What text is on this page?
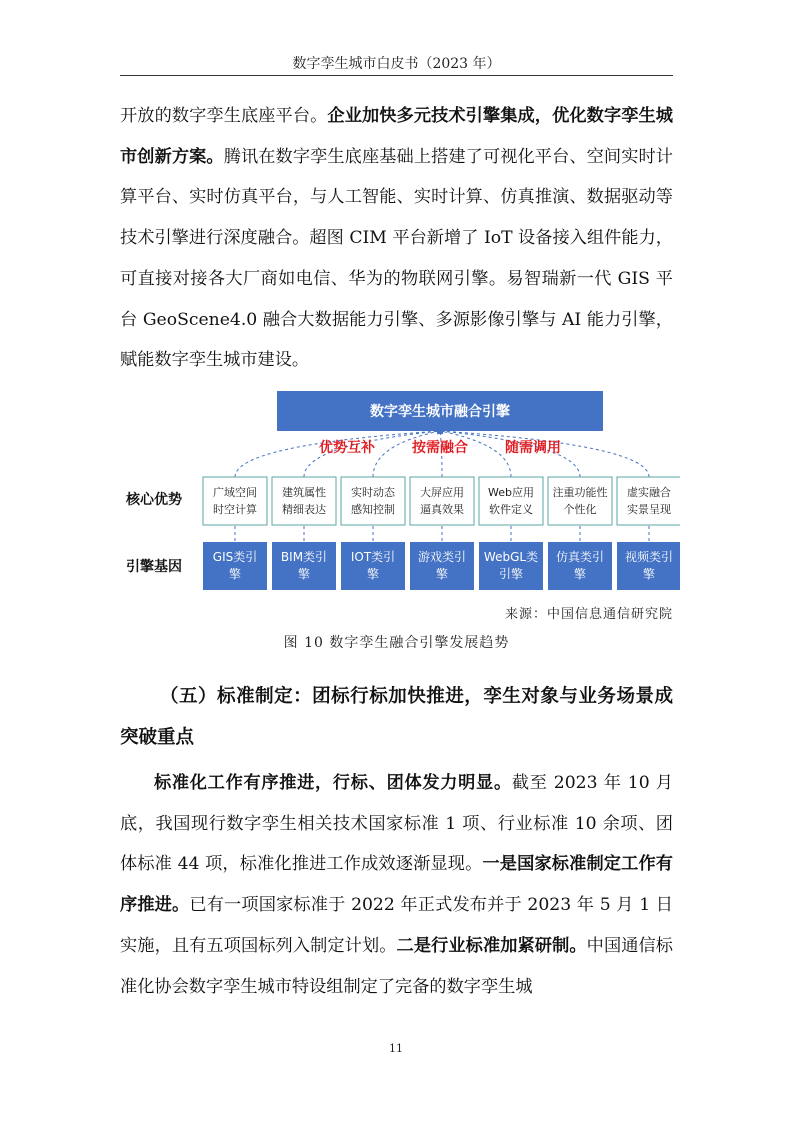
数字孪生城市白皮书（2023 年）

开放的数字孪生底座平台。企业加快多元技术引擎集成，优化数字孪生城市创新方案。腾讯在数字孪生底座基础上搭建了可视化平台、空间实时计算平台、实时仿真平台，与人工智能、实时计算、仿真推演、数据驱动等技术引擎进行深度融合。超图 CIM 平台新增了 IoT 设备接入组件能力，可直接对接各大厂商如电信、华为的物联网引擎。易智瑞新一代 GIS 平台 GeoScene4.0 融合大数据能力引擎、多源影像引擎与 AI 能力引擎，赋能数字孪生城市建设。

数字孪生城市融合引擎
优势互补	按需融合	随需调用
核心优势
引擎基因
广域空间
时空计算
建筑属性
精细表达
实时动态
感知控制
大屏应用
逼真效果
Web应用
软件定义
注重功能性
个性化
虚实融合
实景呈现
GIS类引
擎
BIM类引
擎
IOT类引
擎
游戏类引
擎
WebGL类
引擎
仿真类引
擎
视频类引
擎
来源：中国信息通信研究院
图 10 数字孪生融合引擎发展趋势

（五）标准制定：团标行标加快推进，孪生对象与业务场景成突破重点

标准化工作有序推进，行标、团体发力明显。截至 2023 年 10 月底，我国现行数字孪生相关技术国家标准 1 项、行业标准 10 余项、团体标准 44 项，标准化推进工作成效逐渐显现。一是国家标准制定工作有序推进。已有一项国家标准于 2022 年正式发布并于 2023 年 5 月 1 日实施，且有五项国标列入制定计划。二是行业标准加紧研制。中国通信标准化协会数字孪生城市特设组制定了完备的数字孪生城

11
